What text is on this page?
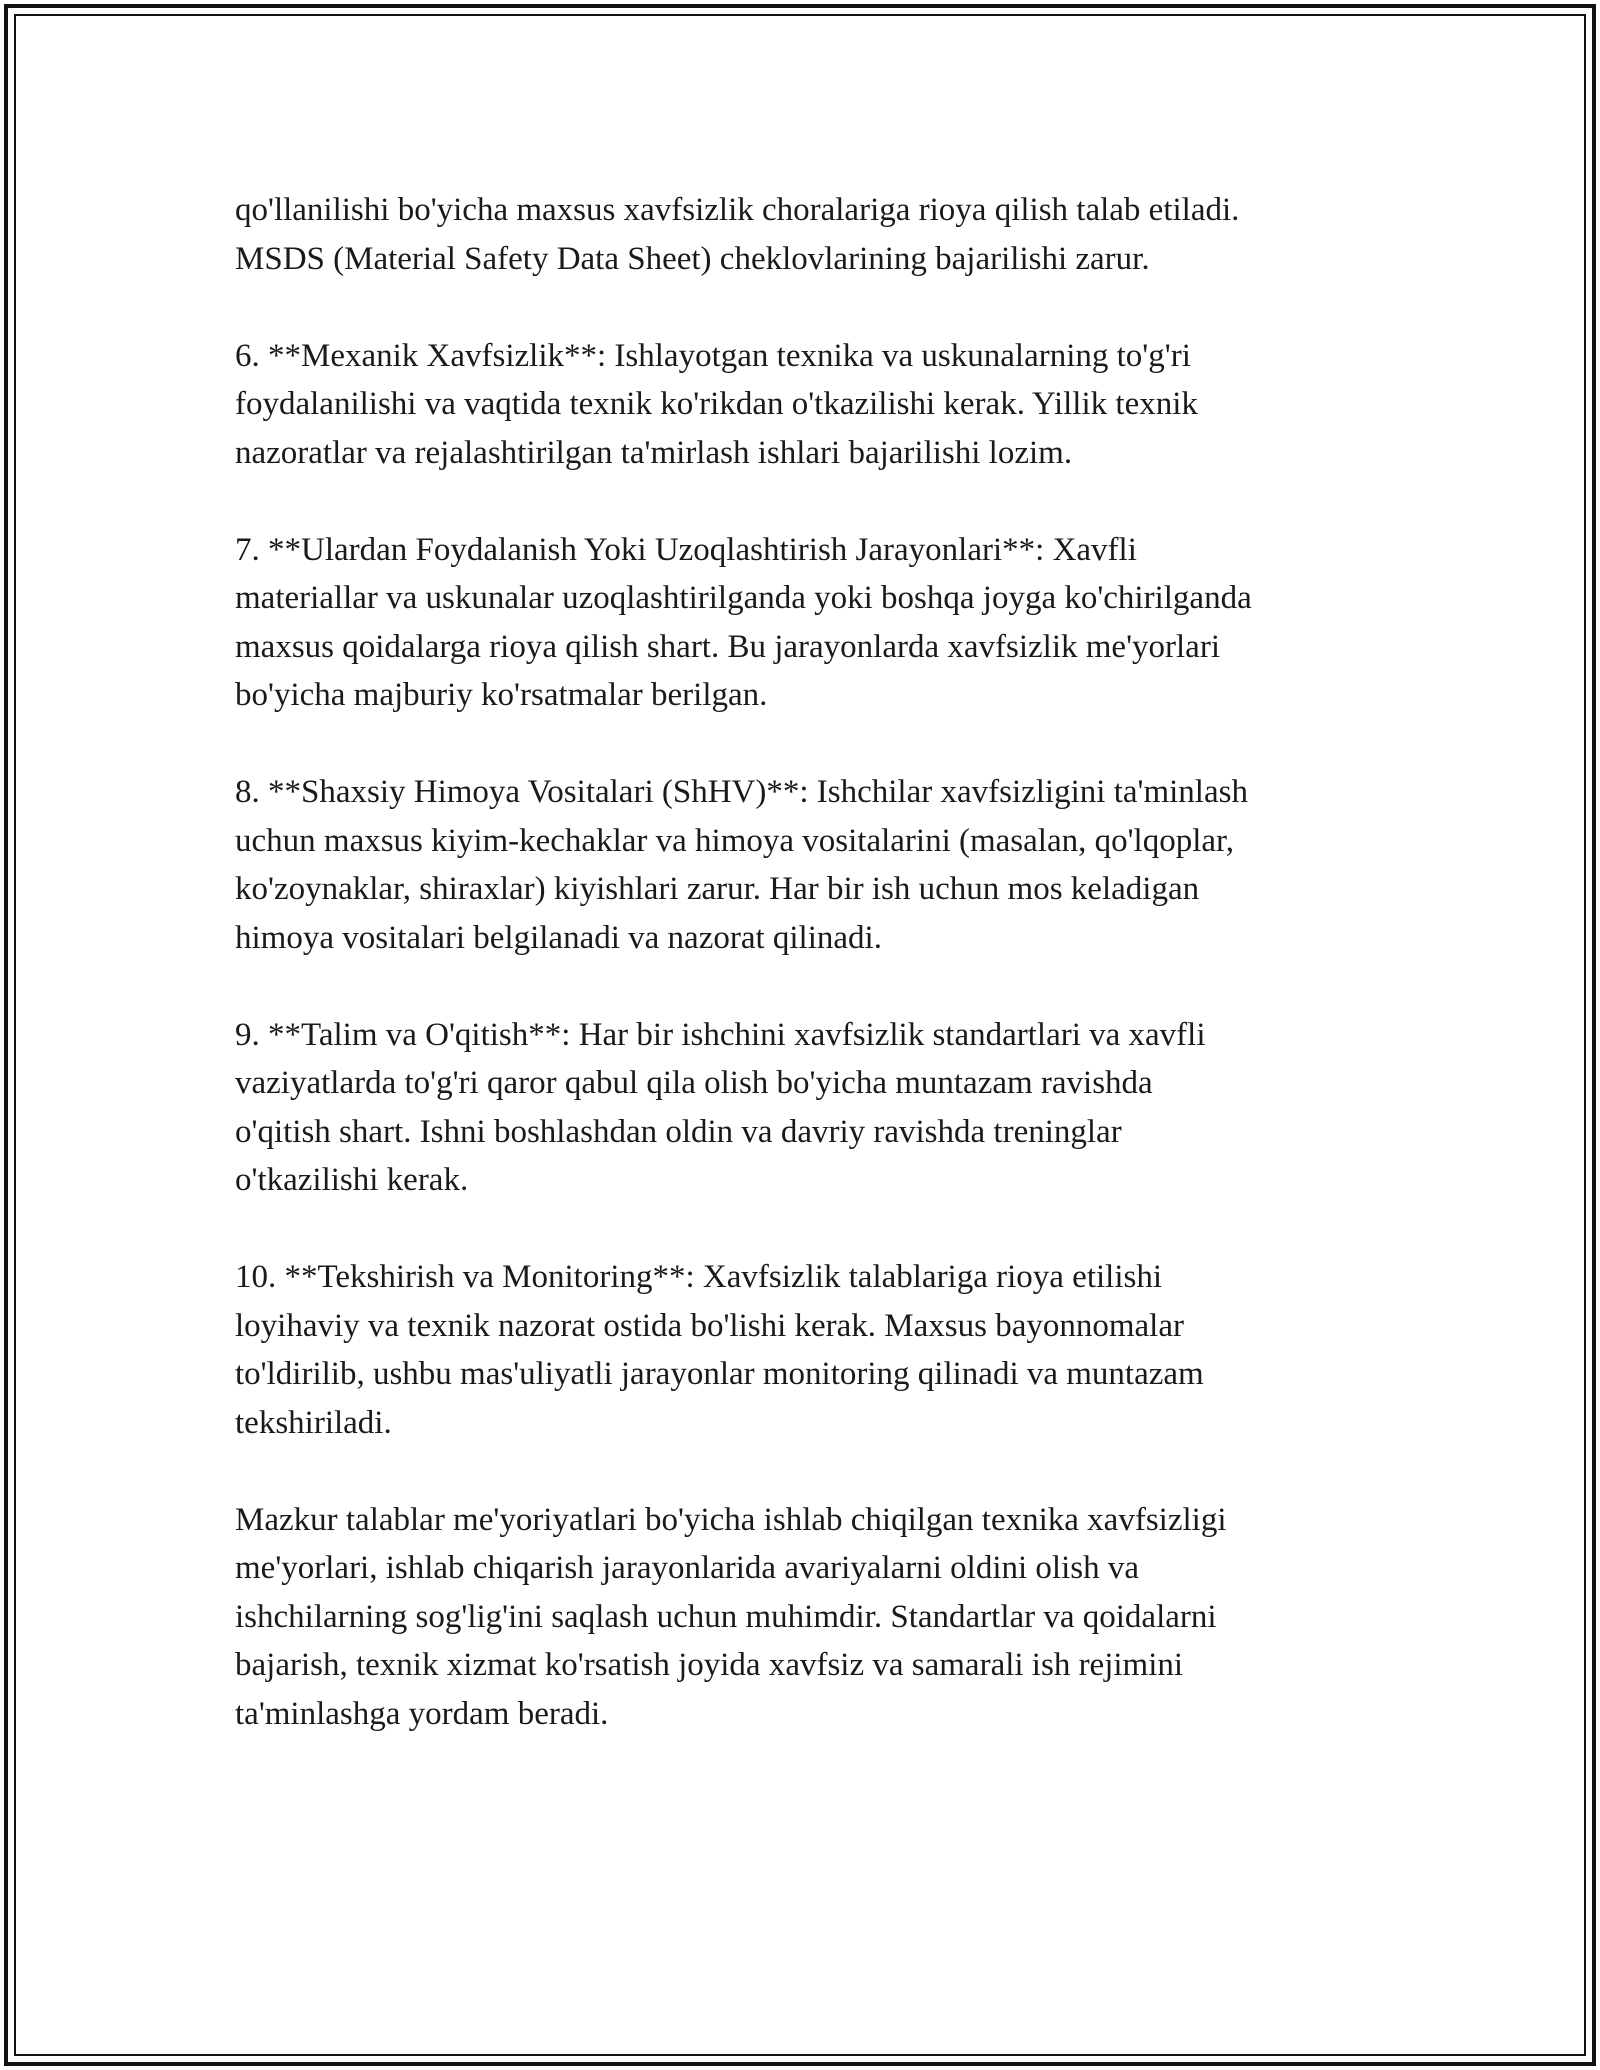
qo'llanilishi bo'yicha maxsus xavfsizlik choralariga rioya qilish talab etiladi.
MSDS (Material Safety Data Sheet) cheklovlarining bajarilishi zarur.

6. **Mexanik Xavfsizlik**: Ishlayotgan texnika va uskunalarning to'g'ri
foydalanilishi va vaqtida texnik ko'rikdan o'tkazilishi kerak. Yillik texnik
nazoratlar va rejalashtirilgan ta'mirlash ishlari bajarilishi lozim.

7. **Ulardan Foydalanish Yoki Uzoqlashtirish Jarayonlari**: Xavfli
materiallar va uskunalar uzoqlashtirilganda yoki boshqa joyga ko'chirilganda
maxsus qoidalarga rioya qilish shart. Bu jarayonlarda xavfsizlik me'yorlari
bo'yicha majburiy ko'rsatmalar berilgan.

8. **Shaxsiy Himoya Vositalari (ShHV)**: Ishchilar xavfsizligini ta'minlash
uchun maxsus kiyim-kechaklar va himoya vositalarini (masalan, qo'lqoplar,
ko'zoynaklar, shiraxlar) kiyishlari zarur. Har bir ish uchun mos keladigan
himoya vositalari belgilanadi va nazorat qilinadi.

9. **Talim va O'qitish**: Har bir ishchini xavfsizlik standartlari va xavfli
vaziyatlarda to'g'ri qaror qabul qila olish bo'yicha muntazam ravishda
o'qitish shart. Ishni boshlashdan oldin va davriy ravishda treninglar
o'tkazilishi kerak.

10. **Tekshirish va Monitoring**: Xavfsizlik talablariga rioya etilishi
loyihaviy va texnik nazorat ostida bo'lishi kerak. Maxsus bayonnomalar
to'ldirilib, ushbu mas'uliyatli jarayonlar monitoring qilinadi va muntazam
tekshiriladi.

Mazkur talablar me'yoriyatlari bo'yicha ishlab chiqilgan texnika xavfsizligi
me'yorlari, ishlab chiqarish jarayonlarida avariyalarni oldini olish va
ishchilarning sog'lig'ini saqlash uchun muhimdir. Standartlar va qoidalarni
bajarish, texnik xizmat ko'rsatish joyida xavfsiz va samarali ish rejimini
ta'minlashga yordam beradi.
